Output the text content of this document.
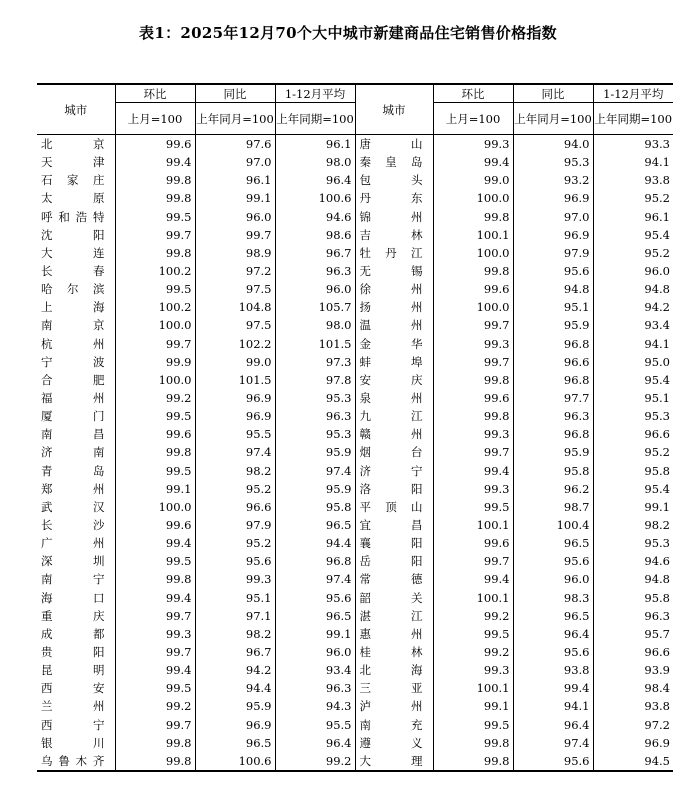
表1：2025年12月70个大中城市新建商品住宅销售价格指数
城市	环比	同比	1-12月平均	城市	环比	同比	1-12月平均
	上月=100	上年同月=100	上年同期=100		上月=100	上年同月=100	上年同期=100
北京	99.6	97.6	96.1	唐山	99.3	94.0	93.3
天津	99.4	97.0	98.0	秦皇岛	99.4	95.3	94.1
石家庄	99.8	96.1	96.4	包头	99.0	93.2	93.8
太原	99.8	99.1	100.6	丹东	100.0	96.9	95.2
呼和浩特	99.5	96.0	94.6	锦州	99.8	97.0	96.1
沈阳	99.7	99.7	98.6	吉林	100.1	96.9	95.4
大连	99.8	98.9	96.7	牡丹江	100.0	97.9	95.2
长春	100.2	97.2	96.3	无锡	99.8	95.6	96.0
哈尔滨	99.5	97.5	96.0	徐州	99.6	94.8	94.8
上海	100.2	104.8	105.7	扬州	100.0	95.1	94.2
南京	100.0	97.5	98.0	温州	99.7	95.9	93.4
杭州	99.7	102.2	101.5	金华	99.3	96.8	94.1
宁波	99.9	99.0	97.3	蚌埠	99.7	96.6	95.0
合肥	100.0	101.5	97.8	安庆	99.8	96.8	95.4
福州	99.2	96.9	95.3	泉州	99.6	97.7	95.1
厦门	99.5	96.9	96.3	九江	99.8	96.3	95.3
南昌	99.6	95.5	95.3	赣州	99.3	96.8	96.6
济南	99.8	97.4	95.9	烟台	99.7	95.9	95.2
青岛	99.5	98.2	97.4	济宁	99.4	95.8	95.8
郑州	99.1	95.2	95.9	洛阳	99.3	96.2	95.4
武汉	100.0	96.6	95.8	平顶山	99.5	98.7	99.1
长沙	99.6	97.9	96.5	宜昌	100.1	100.4	98.2
广州	99.4	95.2	94.4	襄阳	99.6	96.5	95.3
深圳	99.5	95.6	96.8	岳阳	99.7	95.6	94.6
南宁	99.8	99.3	97.4	常德	99.4	96.0	94.8
海口	99.4	95.1	95.6	韶关	100.1	98.3	95.8
重庆	99.7	97.1	96.5	湛江	99.2	96.5	96.3
成都	99.3	98.2	99.1	惠州	99.5	96.4	95.7
贵阳	99.7	96.7	96.0	桂林	99.2	95.6	96.6
昆明	99.4	94.2	93.4	北海	99.3	93.8	93.9
西安	99.5	94.4	96.3	三亚	100.1	99.4	98.4
兰州	99.2	95.9	94.3	泸州	99.1	94.1	93.8
西宁	99.7	96.9	95.5	南充	99.5	96.4	97.2
银川	99.8	96.5	96.4	遵义	99.8	97.4	96.9
乌鲁木齐	99.8	100.6	99.2	大理	99.8	95.6	94.5
